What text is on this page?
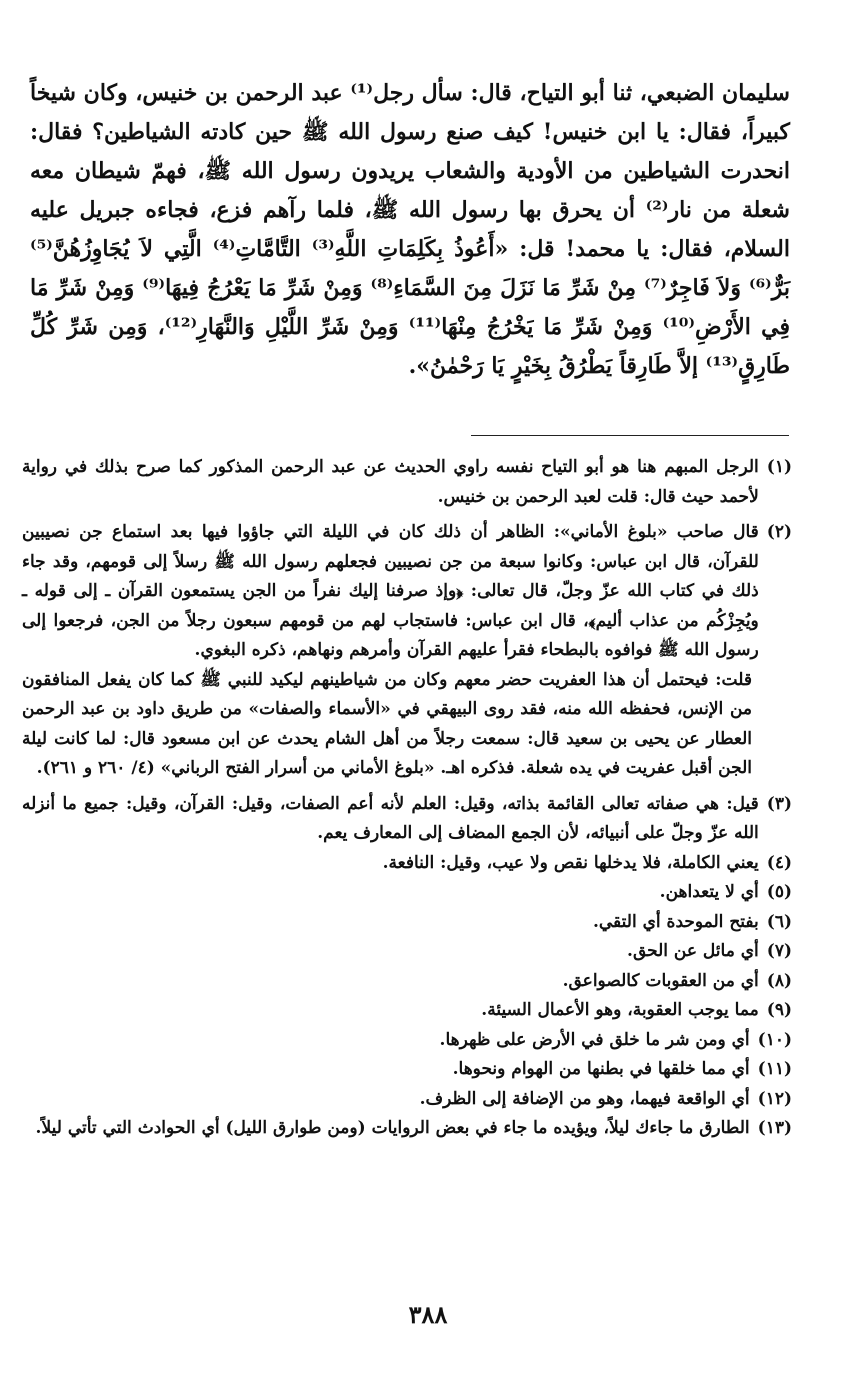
سليمان الضبعي، ثنا أبو التياح، قال: سأل رجل⁽¹⁾ عبد الرحمن بن خنيس، وكان شيخاً كبيراً، فقال: يا ابن خنيس! كيف صنع رسول الله ﷺ حين كادته الشياطين؟ فقال: انحدرت الشياطين من الأودية والشعاب يريدون رسول الله ﷺ، فهمّ شيطان معه شعلة من نار⁽²⁾ أن يحرق بها رسول الله ﷺ، فلما رآهم فزع، فجاءه جبريل عليه السلام، فقال: يا محمد! قل: «أَعُوذُ بِكَلِمَاتِ اللَّهِ⁽³⁾ التَّامَّاتِ⁽⁴⁾ الَّتِي لاَ يُجَاوِزُهُنَّ⁽⁵⁾ بَرٌّ⁽⁶⁾ وَلاَ فَاجِرٌ⁽⁷⁾ مِنْ شَرِّ مَا نَزَلَ مِنَ السَّمَاءِ⁽⁸⁾ وَمِنْ شَرِّ مَا يَعْرُجُ فِيهَا⁽⁹⁾ وَمِنْ شَرِّ مَا فِي الأَرْضِ⁽¹⁰⁾ وَمِنْ شَرِّ مَا يَخْرُجُ مِنْهَا⁽¹¹⁾ وَمِنْ شَرِّ اللَّيْلِ وَالنَّهَارِ⁽¹²⁾، وَمِن شَرِّ كُلِّ طَارِقٍ⁽¹³⁾ إلاَّ طَارِقاً يَطْرُقُ بِخَيْرٍ يَا رَحْمٰنُ».

(١)
الرجل المبهم هنا هو أبو التياح نفسه راوي الحديث عن عبد الرحمن المذكور كما صرح بذلك في رواية لأحمد حيث قال: قلت لعبد الرحمن بن خنيس.
(٢)
قال صاحب «بلوغ الأماني»: الظاهر أن ذلك كان في الليلة التي جاؤوا فيها بعد استماع جن نصيبين للقرآن، قال ابن عباس: وكانوا سبعة من جن نصيبين فجعلهم رسول الله ﷺ رسلاً إلى قومهم، وقد جاء ذلك في كتاب الله عزّ وجلّ، قال تعالى: ﴿وإذ صرفنا إليك نفراً من الجن يستمعون القرآن ـ إلى قوله ـ ويُجِزْكُم من عذاب أليم﴾، قال ابن عباس: فاستجاب لهم من قومهم سبعون رجلاً من الجن، فرجعوا إلى رسول الله ﷺ فوافوه بالبطحاء فقرأ عليهم القرآن وأمرهم ونهاهم، ذكره البغوي.

قلت: فيحتمل أن هذا العفريت حضر معهم وكان من شياطينهم ليكيد للنبي ﷺ كما كان يفعل المنافقون من الإنس، فحفظه الله منه، فقد روى البيهقي في «الأسماء والصفات» من طريق داود بن عبد الرحمن العطار عن يحيى بن سعيد قال: سمعت رجلاً من أهل الشام يحدث عن ابن مسعود قال: لما كانت ليلة الجن أقبل عفريت في يده شعلة. فذكره اهـ. «بلوغ الأماني من أسرار الفتح الرباني» (٤/ ٢٦٠ و ٢٦١).

(٣)
قيل: هي صفاته تعالى القائمة بذاته، وقيل: العلم لأنه أعم الصفات، وقيل: القرآن، وقيل: جميع ما أنزله الله عزّ وجلّ على أنبيائه، لأن الجمع المضاف إلى المعارف يعم.
(٤)
يعني الكاملة، فلا يدخلها نقص ولا عيب، وقيل: النافعة.
(٥)
أي لا يتعداهن.
(٦)
بفتح الموحدة أي التقي.
(٧)
أي مائل عن الحق.
(٨)
أي من العقوبات كالصواعق.
(٩)
مما يوجب العقوبة، وهو الأعمال السيئة.
(١٠)
أي ومن شر ما خلق في الأرض على ظهرها.
(١١)
أي مما خلقها في بطنها من الهوام ونحوها.
(١٢)
أي الواقعة فيهما، وهو من الإضافة إلى الظرف.
(١٣)
الطارق ما جاءك ليلاً، ويؤيده ما جاء في بعض الروايات (ومن طوارق الليل) أي الحوادث التي تأتي ليلاً.
٣٨٨
